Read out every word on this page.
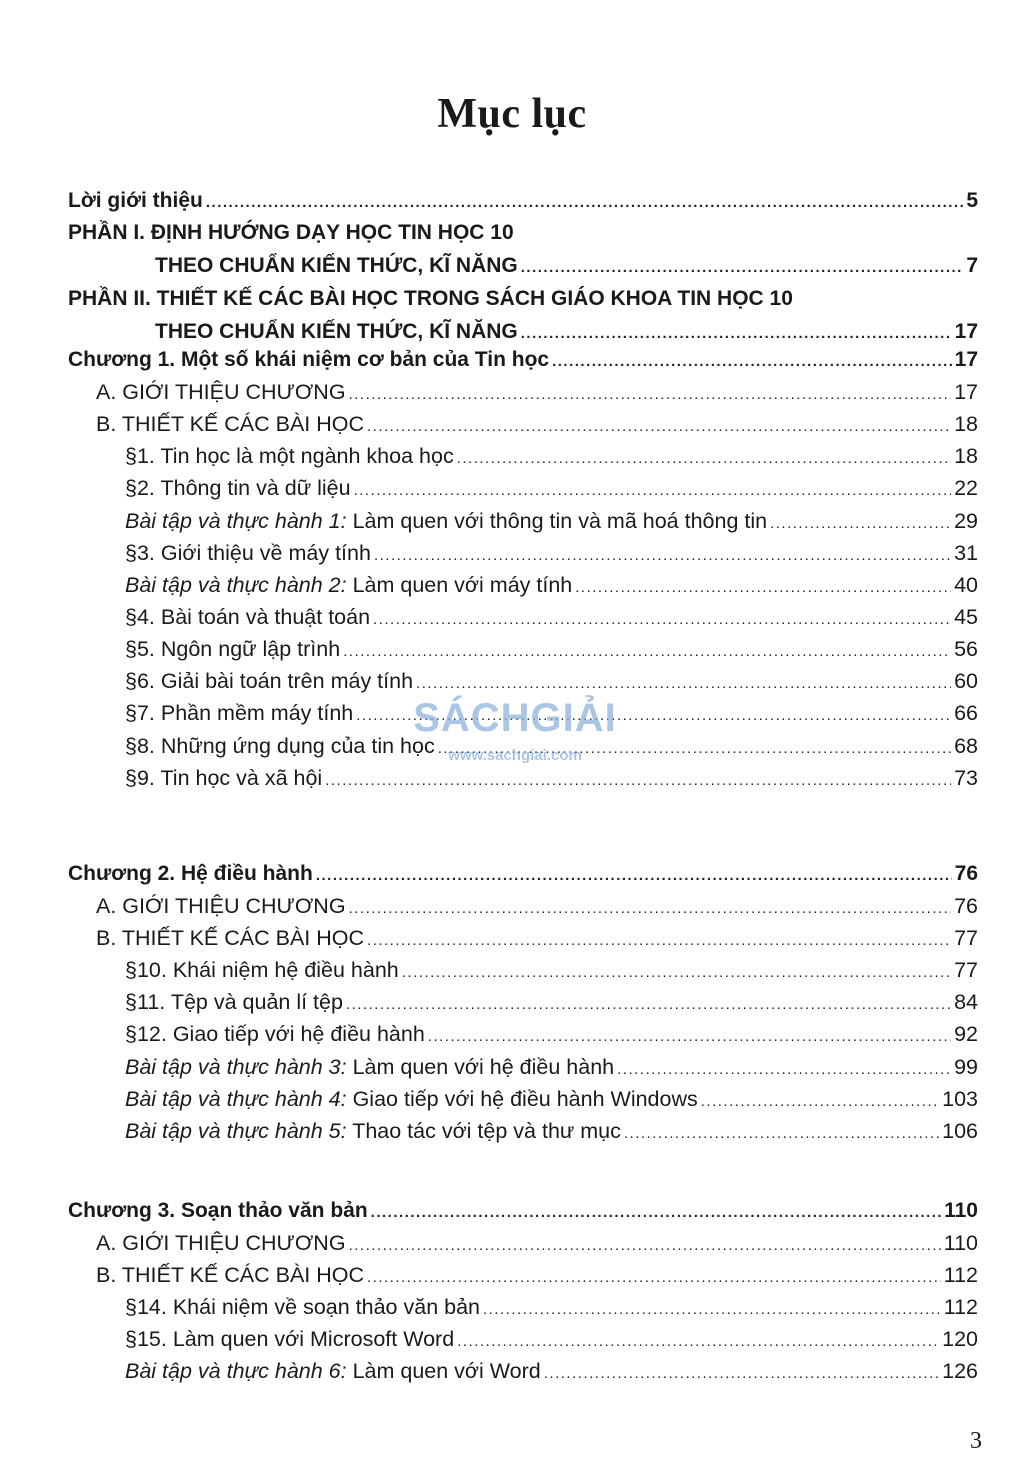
Mục lục
Lời giới thiệu .....	5
PHẦN I. ĐỊNH HƯỚNG DẠY HỌC TIN HỌC 10
THEO CHUẨN KIẾN THỨC, KĨ NĂNG .....	7
PHẦN II. THIẾT KẾ CÁC BÀI HỌC TRONG SÁCH GIÁO KHOA TIN HỌC 10
THEO CHUẨN KIẾN THỨC, KĨ NĂNG .....	17
Chương 1. Một số khái niệm cơ bản của Tin học .....	17
A. GIỚI THIỆU CHƯƠNG .....	17
B. THIẾT KẾ CÁC BÀI HỌC .....	18
§1. Tin học là một ngành khoa học .....	18
§2. Thông tin và dữ liệu .....	22
Bài tập và thực hành 1: Làm quen với thông tin và mã hoá thông tin .....	29
§3. Giới thiệu về máy tính .....	31
Bài tập và thực hành 2: Làm quen với máy tính .....	40
§4. Bài toán và thuật toán .....	45
§5. Ngôn ngữ lập trình .....	56
§6. Giải bài toán trên máy tính .....	60
§7. Phần mềm máy tính .....	66
§8. Những ứng dụng của tin học .....	68
§9. Tin học và xã hội .....	73
Chương 2. Hệ điều hành .....	76
A. GIỚI THIỆU CHƯƠNG .....	76
B. THIẾT KẾ CÁC BÀI HỌC .....	77
§10. Khái niệm hệ điều hành .....	77
§11. Tệp và quản lí tệp .....	84
§12. Giao tiếp với hệ điều hành .....	92
Bài tập và thực hành 3: Làm quen với hệ điều hành .....	99
Bài tập và thực hành 4: Giao tiếp với hệ điều hành Windows .....	103
Bài tập và thực hành 5: Thao tác với tệp và thư mục .....	106
Chương 3. Soạn thảo văn bản .....	110
A. GIỚI THIỆU CHƯƠNG .....	110
B. THIẾT KẾ CÁC BÀI HỌC .....	112
§14. Khái niệm về soạn thảo văn bản .....	112
§15. Làm quen với Microsoft Word .....	120
Bài tập và thực hành 6: Làm quen với Word .....	126
SÁCHGIẢI
www.sachgiai.com
3
